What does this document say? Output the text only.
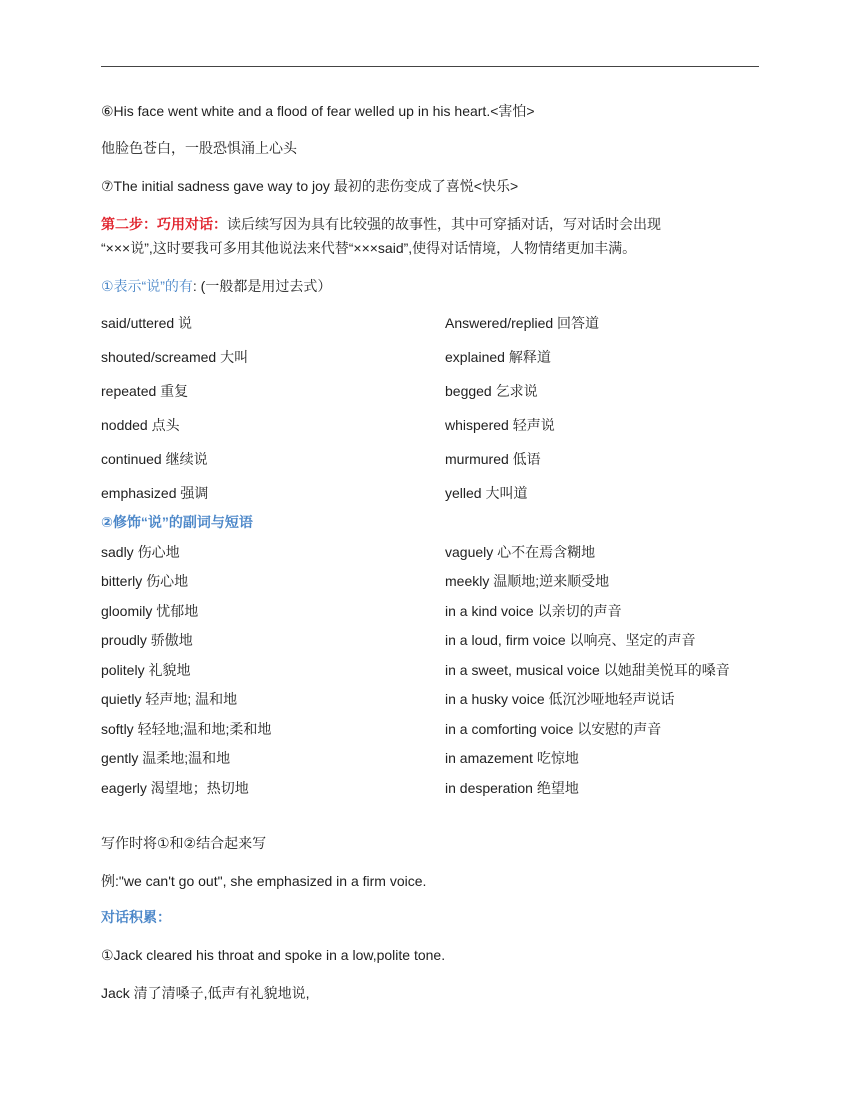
⑥His face went white and a flood of fear welled up in his heart.<害怕>
他脸色苍白，一股恐惧涌上心头
⑦The initial sadness gave way to joy 最初的悲伤变成了喜悦<快乐>
第二步：巧用对话：读后续写因为具有比较强的故事性，其中可穿插对话，写对话时会出现
“×××说”,这时要我可多用其他说法来代替“×××said”,使得对话情境，人物情绪更加丰满。
①表示“说”的有: (一般都是用过去式）
said/uttered 说
shouted/screamed 大叫
repeated 重复
nodded 点头
continued 继续说
emphasized 强调
Answered/replied 回答道
explained 解释道
begged 乞求说
whispered 轻声说
murmured 低语
yelled 大叫道
②修饰“说”的副词与短语
sadly 伤心地
bitterly 伤心地
gloomily 忧郁地
proudly 骄傲地
politely 礼貌地
quietly 轻声地; 温和地
softly 轻轻地;温和地;柔和地
gently 温柔地;温和地
eagerly 渴望地；热切地
vaguely 心不在焉含糊地
meekly 温顺地;逆来顺受地
in a kind voice 以亲切的声音
in a loud, firm voice 以响亮、坚定的声音
in a sweet, musical voice 以她甜美悦耳的嗓音
in a husky voice 低沉沙哑地轻声说话
in a comforting voice 以安慰的声音
in amazement 吃惊地
in desperation 绝望地
写作时将①和②结合起来写
例:"we can't go out", she emphasized in a firm voice.
对话积累：
①Jack cleared his throat and spoke in a low,polite tone.
Jack 清了清嗓子,低声有礼貌地说,
